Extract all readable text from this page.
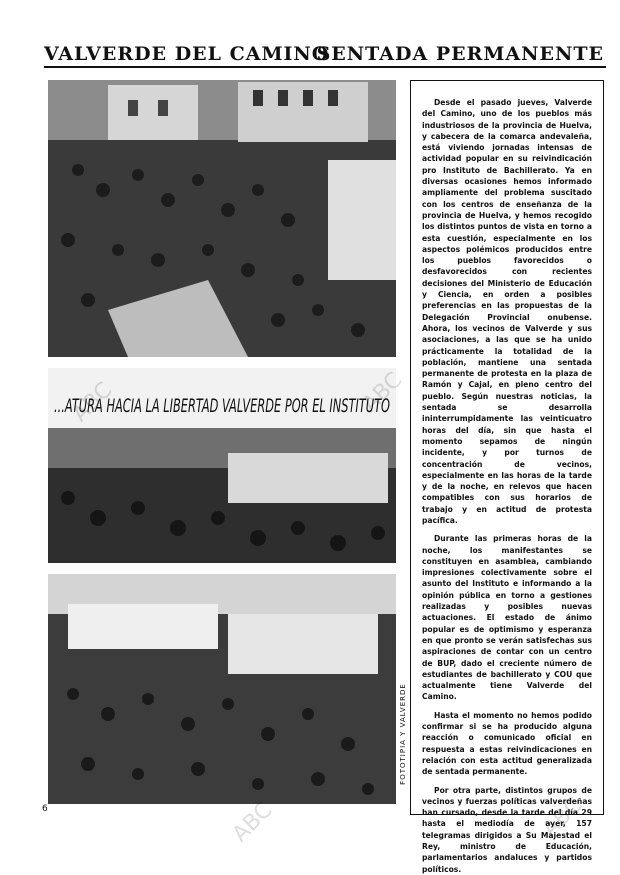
VALVERDE DEL CAMINO
SENTADA PERMANENTE
...ATURA HACIA LA LIBERTAD VALVERDE POR EL INSTITUTO
FOTOTIPIA Y VALVERDE

Desde el pasado jueves, Valverde del Camino, uno de los pueblos más industriosos de la provincia de Huelva, y cabecera de la comarca andevaleña, está viviendo jornadas intensas de actividad popular en su reivindicación pro Instituto de Bachillerato. Ya en diversas ocasiones hemos informado ampliamente del problema suscitado con los centros de enseñanza de la provincia de Huelva, y hemos recogido los distintos puntos de vista en torno a esta cuestión, especialmente en los aspectos polémicos producidos entre los pueblos favorecidos o desfavorecidos con recientes decisiones del Ministerio de Educación y Ciencia, en orden a posibles preferencias en las propuestas de la Delegación Provincial onubense. Ahora, los vecinos de Valverde y sus asociaciones, a las que se ha unido prácticamente la totalidad de la población, mantiene una sentada permanente de protesta en la plaza de Ramón y Cajal, en pleno centro del pueblo. Según nuestras noticias, la sentada se desarrolla ininterrumpidamente las veinticuatro horas del día, sin que hasta el momento sepamos de ningún incidente, y por turnos de concentración de vecinos, especialmente en las horas de la tarde y de la noche, en relevos que hacen compatibles con sus horarios de trabajo y en actitud de protesta pacífica.

Durante las primeras horas de la noche, los manifestantes se constituyen en asamblea, cambiando impresiones colectivamente sobre el asunto del Instituto e informando a la opinión pública en torno a gestiones realizadas y posibles nuevas actuaciones. El estado de ánimo popular es de optimismo y esperanza en que pronto se verán satisfechas sus aspiraciones de contar con un centro de BUP, dado el creciente número de estudiantes de bachillerato y COU que actualmente tiene Valverde del Camino.

Hasta el momento no hemos podido confirmar si se ha producido alguna reacción o comunicado oficial en respuesta a estas reivindicaciones en relación con esta actitud generalizada de sentada permanente.

Por otra parte, distintos grupos de vecinos y fuerzas políticas valverdeñas han cursado, desde la tarde del día 29 hasta el mediodía de ayer, 157 telegramas dirigidos a Su Majestad el Rey, ministro de Educación, parlamentarios andaluces y partidos políticos.

6	ABC	ABC
